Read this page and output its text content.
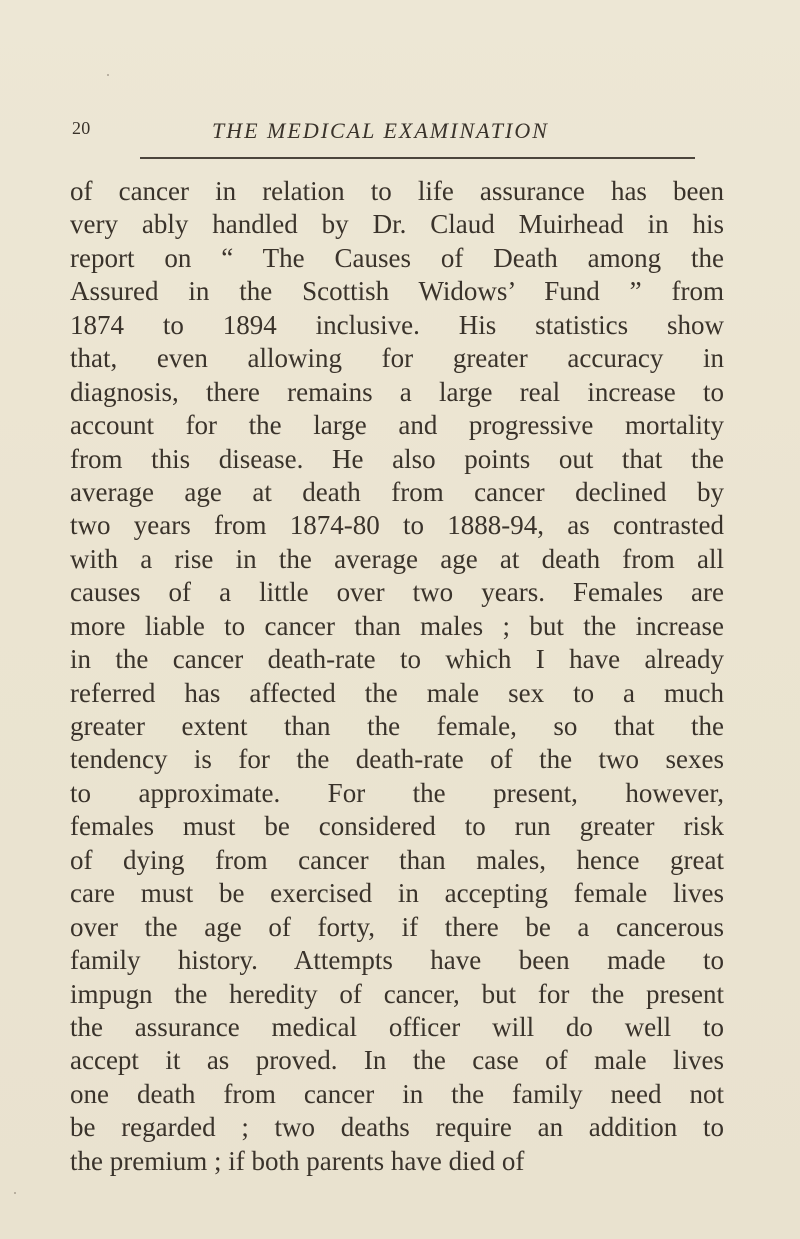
20	THE MEDICAL EXAMINATION
of cancer in relation to life assurance has been
very ably handled by Dr. Claud Muirhead in his
report on “ The Causes of Death among the
Assured in the Scottish Widows’ Fund ” from
1874 to 1894 inclusive. His statistics show
that, even allowing for greater accuracy in
diagnosis, there remains a large real increase to
account for the large and progressive mortality
from this disease. He also points out that the
average age at death from cancer declined by
two years from 1874-80 to 1888-94, as contrasted
with a rise in the average age at death from all
causes of a little over two years. Females are
more liable to cancer than males ; but the increase
in the cancer death-rate to which I have already
referred has affected the male sex to a much
greater extent than the female, so that the
tendency is for the death-rate of the two sexes
to approximate. For the present, however,
females must be considered to run greater risk
of dying from cancer than males, hence great
care must be exercised in accepting female lives
over the age of forty, if there be a cancerous
family history. Attempts have been made to
impugn the heredity of cancer, but for the present
the assurance medical officer will do well to
accept it as proved. In the case of male lives
one death from cancer in the family need not
be regarded ; two deaths require an addition to
the premium ; if both parents have died of
